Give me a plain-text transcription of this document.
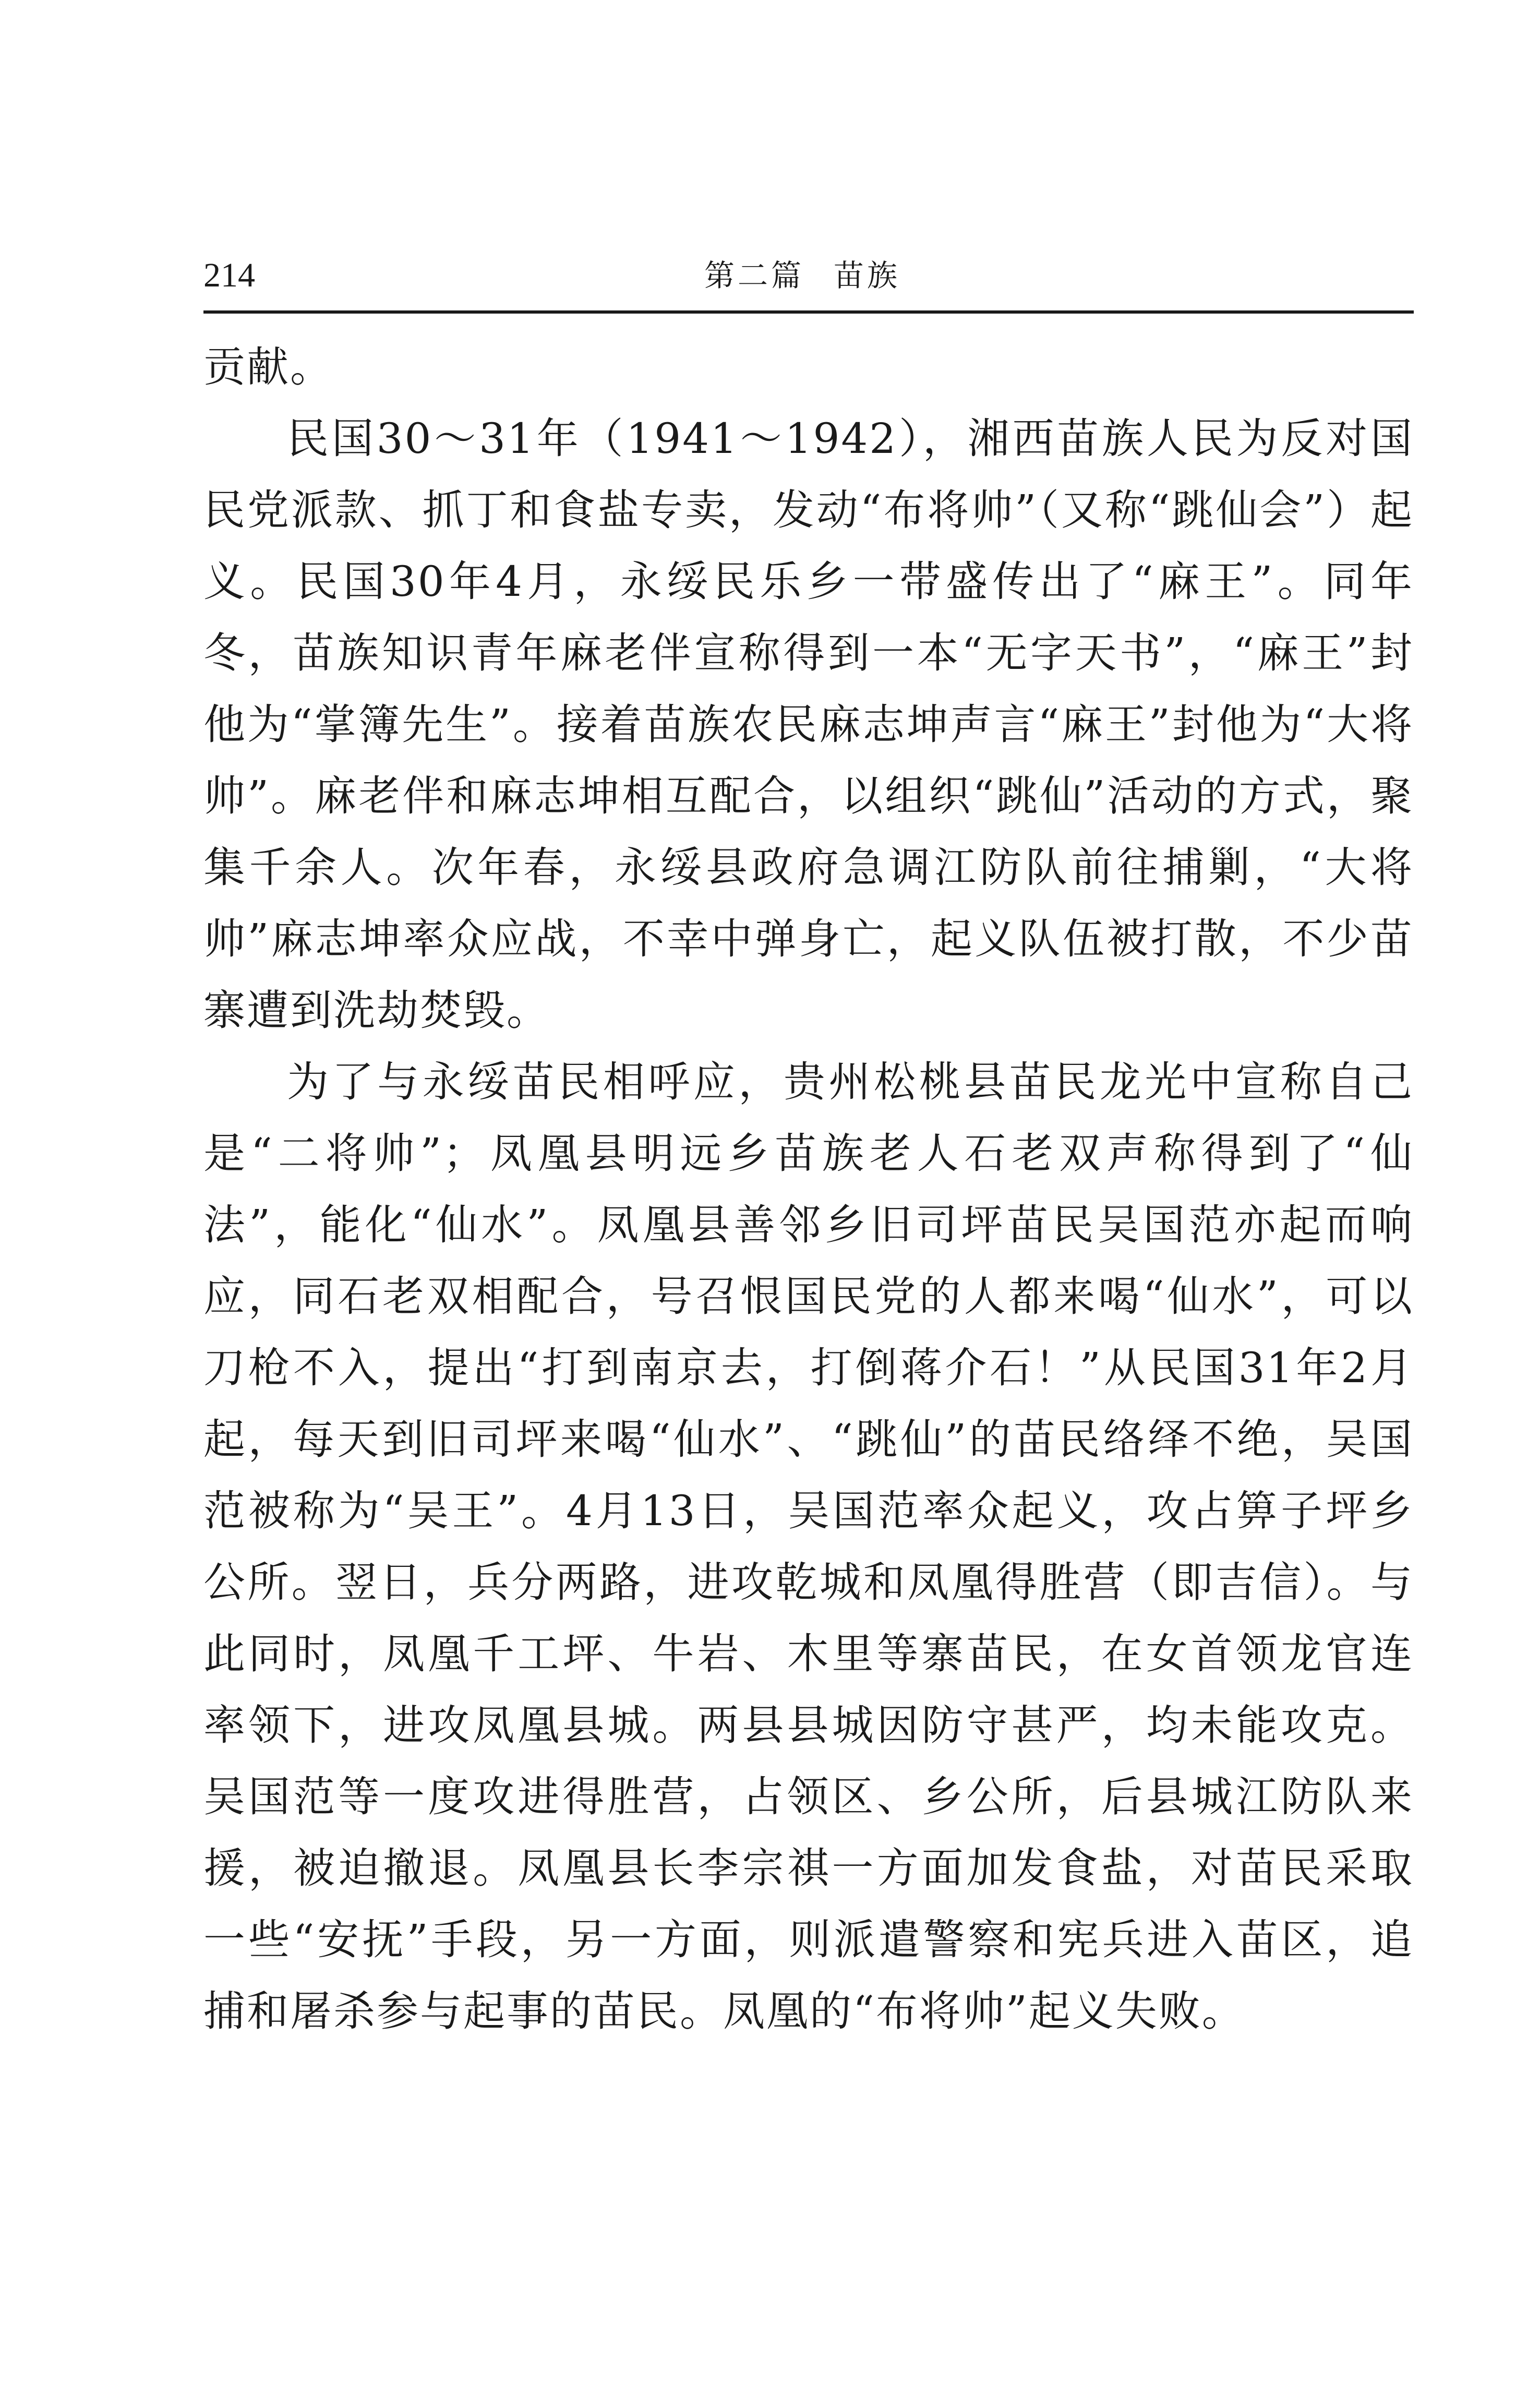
214	第二篇 苗族

贡献。

民国30～31年（1941～1942），湘西苗族人民为反对国民党派款、抓丁和食盐专卖，发动“布将帅”（又称“跳仙会”）起义。民国30年4月，永绥民乐乡一带盛传出了“麻王”。同年冬，苗族知识青年麻老伴宣称得到一本“无字天书”，“麻王”封他为“掌簿先生”。接着苗族农民麻志坤声言“麻王”封他为“大将帅”。麻老伴和麻志坤相互配合，以组织“跳仙”活动的方式，聚集千余人。次年春，永绥县政府急调江防队前往捕剿，“大将帅”麻志坤率众应战，不幸中弹身亡，起义队伍被打散，不少苗寨遭到洗劫焚毁。

为了与永绥苗民相呼应，贵州松桃县苗民龙光中宣称自己是“二将帅”；凤凰县明远乡苗族老人石老双声称得到了“仙法”，能化“仙水”。凤凰县善邻乡旧司坪苗民吴国范亦起而响应，同石老双相配合，号召恨国民党的人都来喝“仙水”，可以刀枪不入，提出“打到南京去，打倒蒋介石！”从民国31年2月起，每天到旧司坪来喝“仙水”、“跳仙”的苗民络绎不绝，吴国范被称为“吴王”。4月13日，吴国范率众起义，攻占箅子坪乡公所。翌日，兵分两路，进攻乾城和凤凰得胜营（即吉信）。与此同时，凤凰千工坪、牛岩、木里等寨苗民，在女首领龙官连率领下，进攻凤凰县城。两县县城因防守甚严，均未能攻克。吴国范等一度攻进得胜营，占领区、乡公所，后县城江防队来援，被迫撤退。凤凰县长李宗祺一方面加发食盐，对苗民采取一些“安抚”手段，另一方面，则派遣警察和宪兵进入苗区，追捕和屠杀参与起事的苗民。凤凰的“布将帅”起义失败。
